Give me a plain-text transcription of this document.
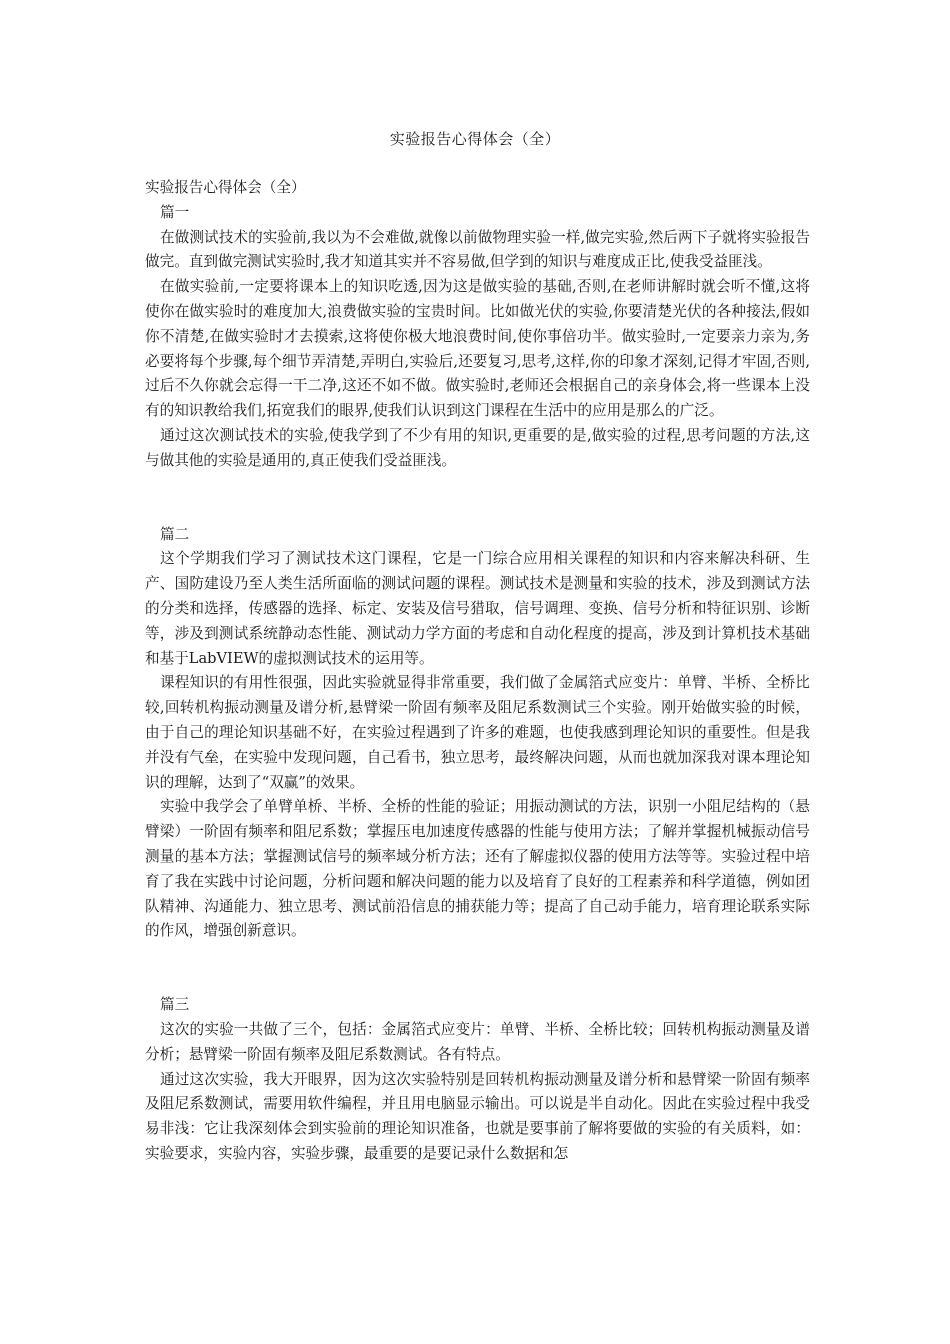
实验报告心得体会（全）

实验报告心得体会（全）

篇一

在做测试技术的实验前,我以为不会难做,就像以前做物理实验一样,做完实验,然后两下子就将实验报告做完。直到做完测试实验时,我才知道其实并不容易做,但学到的知识与难度成正比,使我受益匪浅。

在做实验前,一定要将课本上的知识吃透,因为这是做实验的基础,否则,在老师讲解时就会听不懂,这将使你在做实验时的难度加大,浪费做实验的宝贵时间。比如做光伏的实验,你要清楚光伏的各种接法,假如你不清楚,在做实验时才去摸索,这将使你极大地浪费时间,使你事倍功半。做实验时,一定要亲力亲为,务必要将每个步骤,每个细节弄清楚,弄明白,实验后,还要复习,思考,这样,你的印象才深刻,记得才牢固,否则,过后不久你就会忘得一干二净,这还不如不做。做实验时,老师还会根据自己的亲身体会,将一些课本上没有的知识教给我们,拓宽我们的眼界,使我们认识到这门课程在生活中的应用是那么的广泛。

通过这次测试技术的实验,使我学到了不少有用的知识,更重要的是,做实验的过程,思考问题的方法,这与做其他的实验是通用的,真正使我们受益匪浅。

篇二

这个学期我们学习了测试技术这门课程，它是一门综合应用相关课程的知识和内容来解决科研、生产、国防建设乃至人类生活所面临的测试问题的课程。测试技术是测量和实验的技术，涉及到测试方法的分类和选择，传感器的选择、标定、安装及信号猎取，信号调理、变换、信号分析和特征识别、诊断等，涉及到测试系统静动态性能、测试动力学方面的考虑和自动化程度的提高，涉及到计算机技术基础和基于LabVIEW的虚拟测试技术的运用等。

课程知识的有用性很强，因此实验就显得非常重要，我们做了金属箔式应变片：单臂、半桥、全桥比较,回转机构振动测量及谱分析,悬臂梁一阶固有频率及阻尼系数测试三个实验。刚开始做实验的时候，由于自己的理论知识基础不好，在实验过程遇到了许多的难题，也使我感到理论知识的重要性。但是我并没有气垒，在实验中发现问题，自己看书，独立思考，最终解决问题，从而也就加深我对课本理论知识的理解，达到了“双赢”的效果。

实验中我学会了单臂单桥、半桥、全桥的性能的验证；用振动测试的方法，识别一小阻尼结构的（悬臂梁）一阶固有频率和阻尼系数；掌握压电加速度传感器的性能与使用方法；了解并掌握机械振动信号测量的基本方法；掌握测试信号的频率域分析方法；还有了解虚拟仪器的使用方法等等。实验过程中培育了我在实践中讨论问题，分析问题和解决问题的能力以及培育了良好的工程素养和科学道德，例如团队精神、沟通能力、独立思考、测试前沿信息的捕获能力等；提高了自己动手能力，培育理论联系实际的作风，增强创新意识。

篇三

这次的实验一共做了三个，包括：金属箔式应变片：单臂、半桥、全桥比较；回转机构振动测量及谱分析；悬臂梁一阶固有频率及阻尼系数测试。各有特点。

通过这次实验，我大开眼界，因为这次实验特别是回转机构振动测量及谱分析和悬臂梁一阶固有频率及阻尼系数测试，需要用软件编程，并且用电脑显示输出。可以说是半自动化。因此在实验过程中我受易非浅：它让我深刻体会到实验前的理论知识准备，也就是要事前了解将要做的实验的有关质料，如：实验要求，实验内容，实验步骤，最重要的是要记录什么数据和怎
